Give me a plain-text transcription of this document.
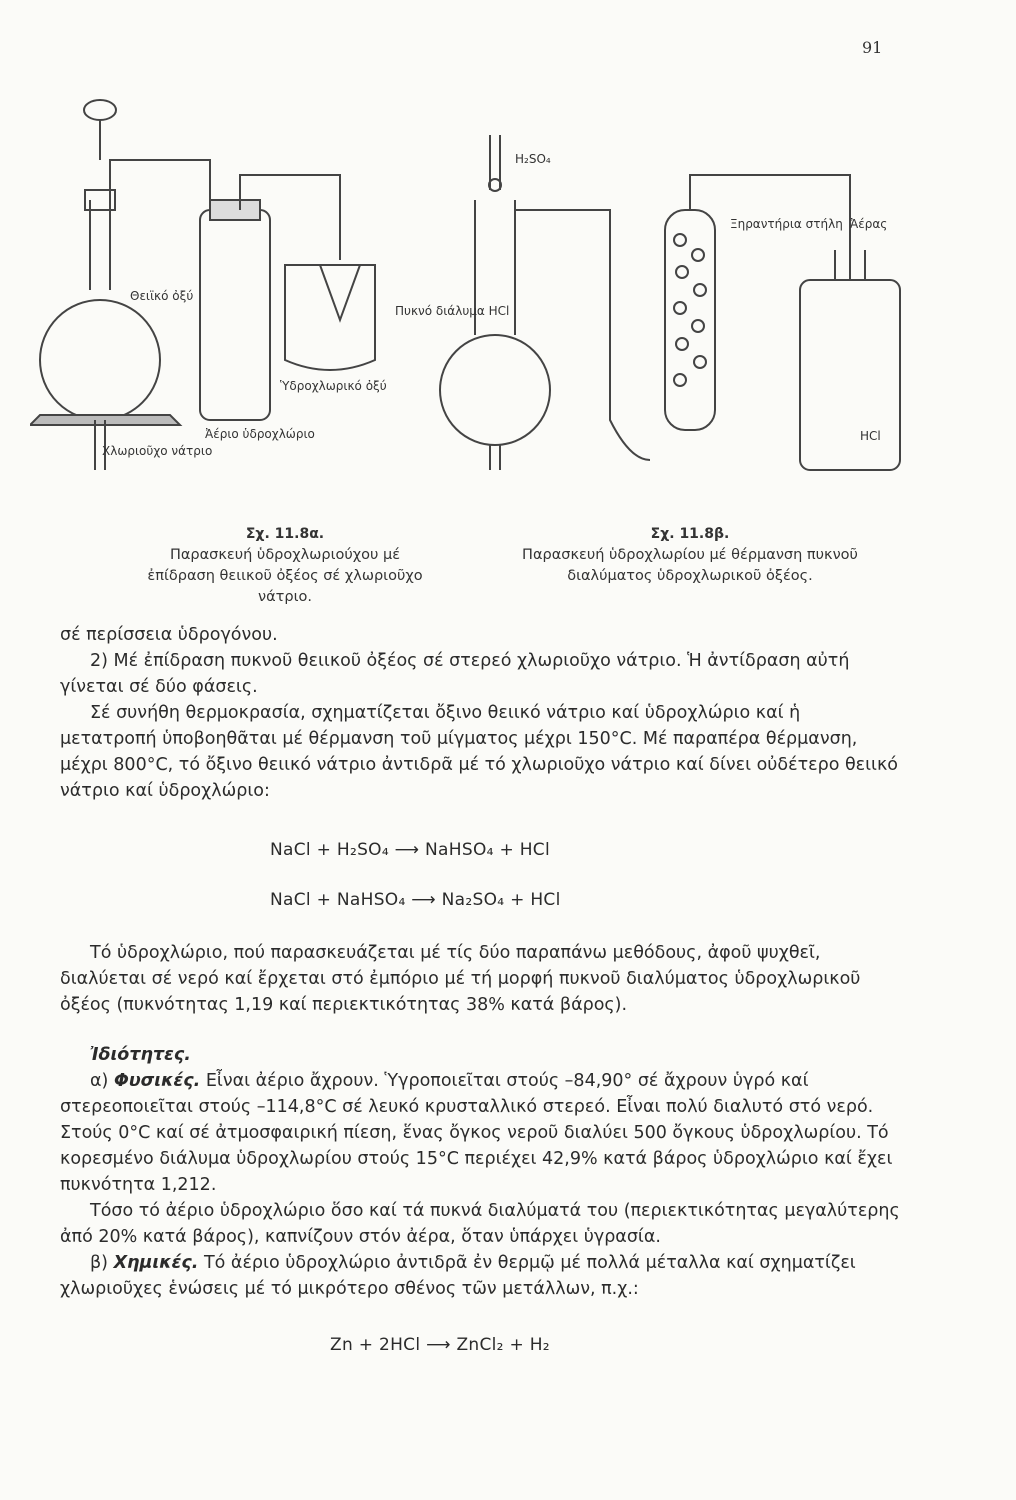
91
Θειϊκό ὀξύ
Χλωριοῦχο νάτριο
Ἀέριο ὑδροχλώριο
Ὑδροχλωρικό ὀξύ
H₂SO₄
Πυκνό διάλυμα HCl
Ξηραντήρια στήλη Ἀέρας
HCl
Σχ. 11.8α.
Παρασκευή ὑδροχλωριούχου μέ ἐπίδραση θειικοῦ ὀξέος σέ χλωριοῦχο νάτριο.
Σχ. 11.8β.
Παρασκευή ὑδροχλωρίου μέ θέρμανση πυκνοῦ διαλύματος ὑδροχλωρικοῦ ὀξέος.

σέ περίσσεια ὑδρογόνου.

2) Μέ ἐπίδραση πυκνοῦ θειικοῦ ὀξέος σέ στερεό χλωριοῦχο νάτριο. Ἡ ἀντίδραση αὐτή γίνεται σέ δύο φάσεις.

Σέ συνήθη θερμοκρασία, σχηματίζεται ὄξινο θειικό νάτριο καί ὑδροχλώριο καί ἡ μετατροπή ὑποβοηθᾶται μέ θέρμανση τοῦ μίγματος μέχρι 150°C. Μέ παραπέρα θέρμανση, μέχρι 800°C, τό ὄξινο θειικό νάτριο ἀντιδρᾶ μέ τό χλωριοῦχο νάτριο καί δίνει οὐδέτερο θειικό νάτριο καί ὑδροχλώριο:

NaCl + H₂SO₄ ⟶ NaHSO₄ + HCl
NaCl + NaHSO₄ ⟶ Na₂SO₄ + HCl

Τό ὑδροχλώριο, πού παρασκευάζεται μέ τίς δύο παραπάνω μεθόδους, ἀφοῦ ψυχθεῖ, διαλύεται σέ νερό καί ἔρχεται στό ἐμπόριο μέ τή μορφή πυκνοῦ διαλύματος ὑδροχλωρικοῦ ὀξέος (πυκνότητας 1,19 καί περιεκτικότητας 38% κατά βάρος).

Ἰδιότητες.

α) Φυσικές. Εἶναι ἀέριο ἄχρουν. Ὑγροποιεῖται στούς –84,90° σέ ἄχρουν ὑγρό καί στερεοποιεῖται στούς –114,8°C σέ λευκό κρυσταλλικό στερεό. Εἶναι πολύ διαλυτό στό νερό. Στούς 0°C καί σέ ἀτμοσφαιρική πίεση, ἕνας ὄγκος νεροῦ διαλύει 500 ὄγκους ὑδροχλωρίου. Τό κορεσμένο διάλυμα ὑδροχλωρίου στούς 15°C περιέχει 42,9% κατά βάρος ὑδροχλώριο καί ἔχει πυκνότητα 1,212.

Τόσο τό ἀέριο ὑδροχλώριο ὅσο καί τά πυκνά διαλύματά του (περιεκτικότητας μεγαλύτερης ἀπό 20% κατά βάρος), καπνίζουν στόν ἀέρα, ὅταν ὑπάρχει ὑγρασία.

β) Χημικές. Τό ἀέριο ὑδροχλώριο ἀντιδρᾶ ἐν θερμῷ μέ πολλά μέταλλα καί σχηματίζει χλωριοῦχες ἑνώσεις μέ τό μικρότερο σθένος τῶν μετάλλων, π.χ.:

Zn + 2HCl ⟶ ZnCl₂ + H₂
